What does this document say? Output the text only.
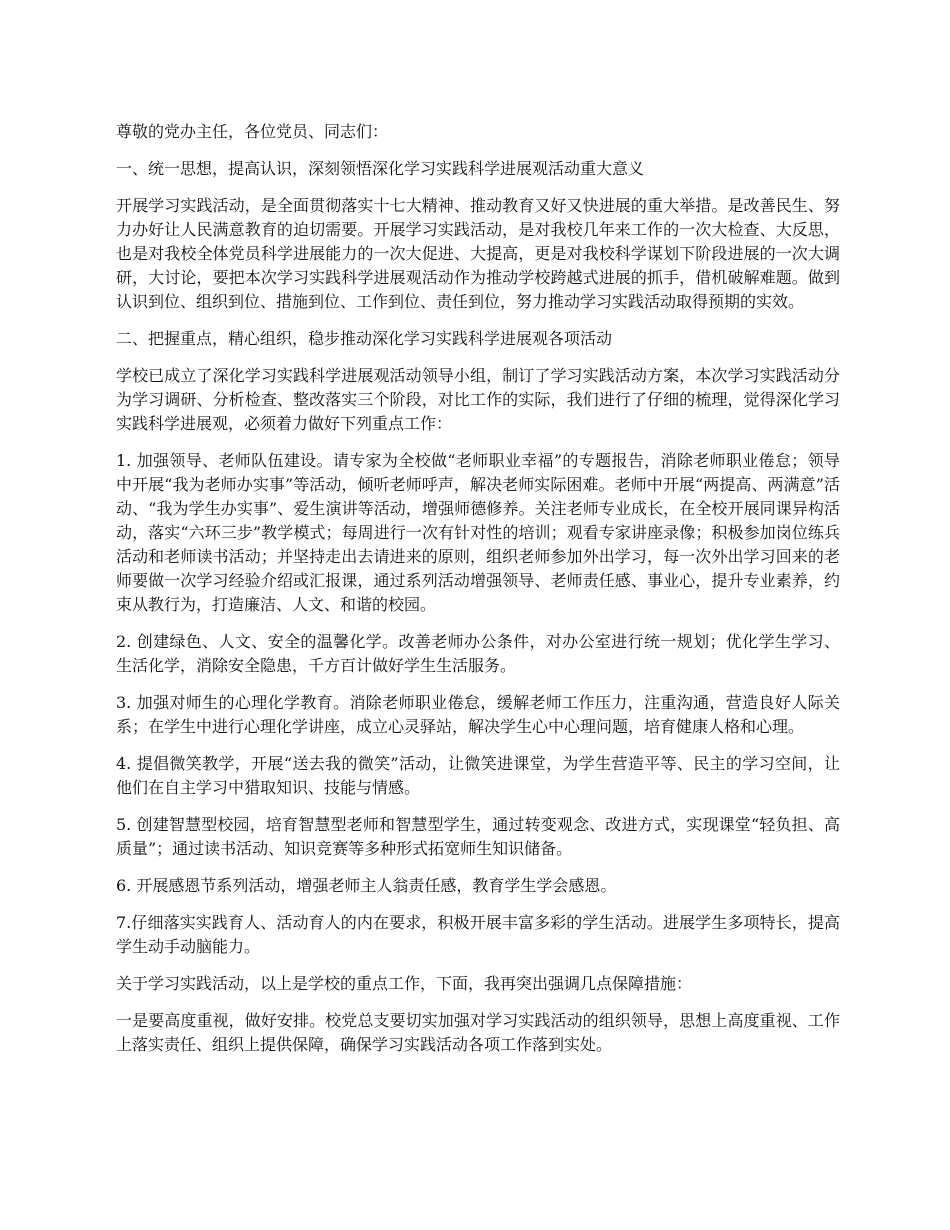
尊敬的党办主任，各位党员、同志们：

一、统一思想，提高认识，深刻领悟深化学习实践科学进展观活动重大意义

开展学习实践活动，是全面贯彻落实十七大精神、推动教育又好又快进展的重大举措。是改善民生、努力办好让人民满意教育的迫切需要。开展学习实践活动，是对我校几年来工作的一次大检查、大反思，也是对我校全体党员科学进展能力的一次大促进、大提高，更是对我校科学谋划下阶段进展的一次大调研，大讨论，要把本次学习实践科学进展观活动作为推动学校跨越式进展的抓手，借机破解难题。做到认识到位、组织到位、措施到位、工作到位、责任到位，努力推动学习实践活动取得预期的实效。

二、把握重点，精心组织，稳步推动深化学习实践科学进展观各项活动

学校已成立了深化学习实践科学进展观活动领导小组，制订了学习实践活动方案，本次学习实践活动分为学习调研、分析检查、整改落实三个阶段，对比工作的实际，我们进行了仔细的梳理，觉得深化学习实践科学进展观，必须着力做好下列重点工作：

1. 加强领导、老师队伍建设。请专家为全校做“老师职业幸福”的专题报告，消除老师职业倦怠；领导中开展“我为老师办实事”等活动，倾听老师呼声，解决老师实际困难。老师中开展“两提高、两满意”活动、“我为学生办实事”、爱生演讲等活动，增强师德修养。关注老师专业成长，在全校开展同课异构活动，落实“六环三步”教学模式；每周进行一次有针对性的培训；观看专家讲座录像；积极参加岗位练兵活动和老师读书活动；并坚持走出去请进来的原则，组织老师参加外出学习，每一次外出学习回来的老师要做一次学习经验介绍或汇报课，通过系列活动增强领导、老师责任感、事业心，提升专业素养，约束从教行为，打造廉洁、人文、和谐的校园。

2. 创建绿色、人文、安全的温馨化学。改善老师办公条件，对办公室进行统一规划；优化学生学习、生活化学，消除安全隐患，千方百计做好学生生活服务。

3. 加强对师生的心理化学教育。消除老师职业倦怠，缓解老师工作压力，注重沟通，营造良好人际关系；在学生中进行心理化学讲座，成立心灵驿站，解决学生心中心理问题，培育健康人格和心理。

4. 提倡微笑教学，开展“送去我的微笑”活动，让微笑进课堂，为学生营造平等、民主的学习空间，让他们在自主学习中猎取知识、技能与情感。

5. 创建智慧型校园，培育智慧型老师和智慧型学生，通过转变观念、改进方式，实现课堂“轻负担、高质量”；通过读书活动、知识竞赛等多种形式拓宽师生知识储备。

6. 开展感恩节系列活动，增强老师主人翁责任感，教育学生学会感恩。

7.仔细落实实践育人、活动育人的内在要求，积极开展丰富多彩的学生活动。进展学生多项特长，提高学生动手动脑能力。

关于学习实践活动，以上是学校的重点工作，下面，我再突出强调几点保障措施：

一是要高度重视，做好安排。校党总支要切实加强对学习实践活动的组织领导，思想上高度重视、工作上落实责任、组织上提供保障，确保学习实践活动各项工作落到实处。
